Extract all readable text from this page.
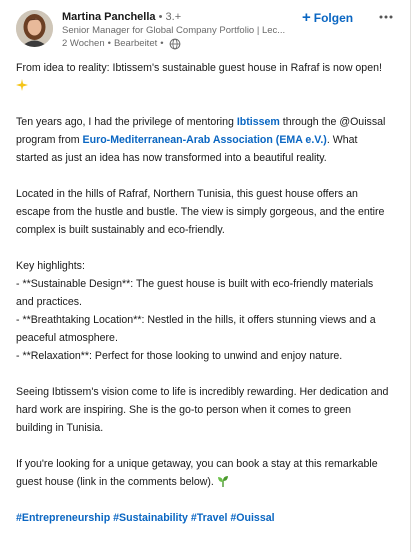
Martina Panchella • 3.+
Senior Manager for Global Company Portfolio | Lec...
2 Wochen • Bearbeitet •
+ Folgen

From idea to reality: Ibtissem's sustainable guest house in Rafraf is now open!

Ten years ago, I had the privilege of mentoring Ibtissem through the @Ouissal program from Euro-Mediterranean-Arab Association (EMA e.V.). What started as just an idea has now transformed into a beautiful reality.

Located in the hills of Rafraf, Northern Tunisia, this guest house offers an escape from the hustle and bustle. The view is simply gorgeous, and the entire complex is built sustainably and eco-friendly.

Key highlights:

- **Sustainable Design**: The guest house is built with eco-friendly materials and practices.

- **Breathtaking Location**: Nestled in the hills, it offers stunning views and a peaceful atmosphere.

- **Relaxation**: Perfect for those looking to unwind and enjoy nature.

Seeing Ibtissem's vision come to life is incredibly rewarding. Her dedication and hard work are inspiring. She is the go-to person when it comes to green building in Tunisia.

If you're looking for a unique getaway, you can book a stay at this remarkable guest house (link in the comments below).

#Entrepreneurship #Sustainability #Travel #Ouissal
